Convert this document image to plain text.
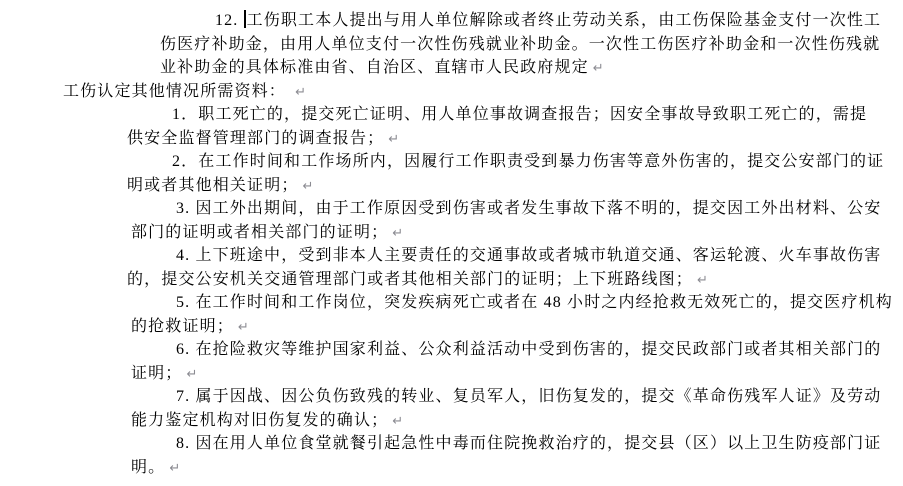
12. 工伤职工本人提出与用人单位解除或者终止劳动关系，由工伤保险基金支付一次性工
伤医疗补助金，由用人单位支付一次性伤残就业补助金。一次性工伤医疗补助金和一次性伤残就
业补助金的具体标准由省、自治区、直辖市人民政府规定 ↵
工伤认定其他情况所需资料： ↵
1．职工死亡的，提交死亡证明、用人单位事故调查报告；因安全事故导致职工死亡的，需提
供安全监督管理部门的调查报告； ↵
2．在工作时间和工作场所内，因履行工作职责受到暴力伤害等意外伤害的，提交公安部门的证
明或者其他相关证明； ↵
3. 因工外出期间，由于工作原因受到伤害或者发生事故下落不明的，提交因工外出材料、公安
部门的证明或者相关部门的证明； ↵
4. 上下班途中，受到非本人主要责任的交通事故或者城市轨道交通、客运轮渡、火车事故伤害
的，提交公安机关交通管理部门或者其他相关部门的证明；上下班路线图； ↵
5. 在工作时间和工作岗位，突发疾病死亡或者在 48 小时之内经抢救无效死亡的，提交医疗机构
的抢救证明； ↵
6. 在抢险救灾等维护国家利益、公众利益活动中受到伤害的，提交民政部门或者其相关部门的
证明； ↵
7. 属于因战、因公负伤致残的转业、复员军人，旧伤复发的，提交《革命伤残军人证》及劳动
能力鉴定机构对旧伤复发的确认； ↵
8. 因在用人单位食堂就餐引起急性中毒而住院挽救治疗的，提交县（区）以上卫生防疫部门证
明。 ↵
